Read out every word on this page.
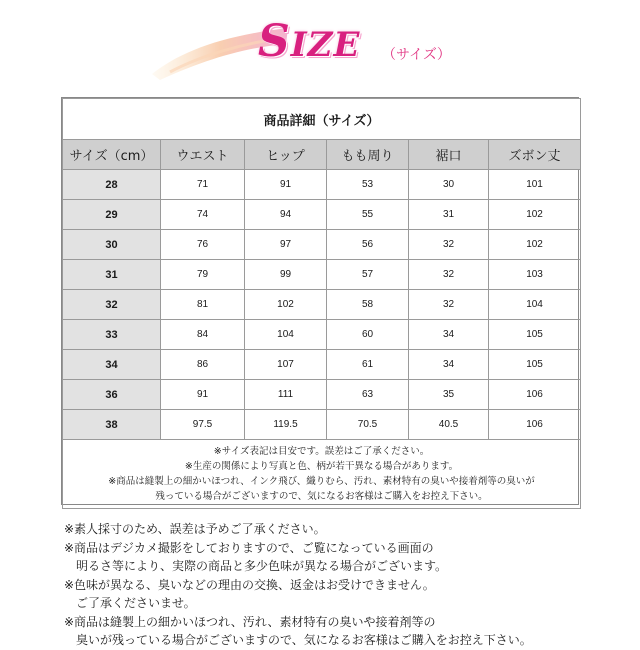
SIZE （サイズ）
商品詳細（サイズ）					
サイズ（cm）	ウエスト	ヒップ	もも周り	裾口	ズボン丈
28	71	91	53	30	101
29	74	94	55	31	102
30	76	97	56	32	102
31	79	99	57	32	103
32	81	102	58	32	104
33	84	104	60	34	105
34	86	107	61	34	105
36	91	111	63	35	106
38	97.5	119.5	70.5	40.5	106

※サイズ表記は目安です。誤差はご了承ください。
※生産の関係により写真と色、柄が若干異なる場合があります。
※商品は縫製上の細かいほつれ、インク飛び、織りむら、汚れ、素材特有の臭いや接着剤等の臭いが
残っている場合がございますので、気になるお客様はご購入をお控え下さい。					
※素人採寸のため、誤差は予めご了承ください。
※商品はデジカメ撮影をしておりますので、ご覧になっている画面の
明るさ等により、実際の商品と多少色味が異なる場合がございます。
※色味が異なる、臭いなどの理由の交換、返金はお受けできません。
ご了承くださいませ。
※商品は縫製上の細かいほつれ、汚れ、素材特有の臭いや接着剤等の
臭いが残っている場合がございますので、気になるお客様はご購入をお控え下さい。
